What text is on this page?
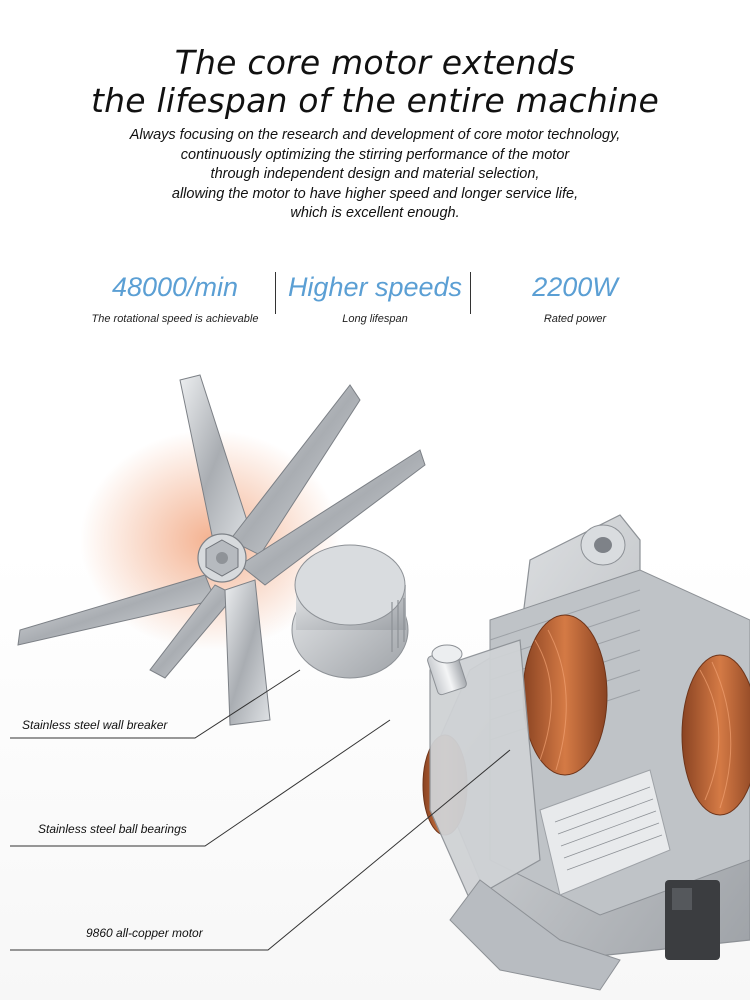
The core motor extends
the lifespan of the entire machine
Always focusing on the research and development of core motor technology,
continuously optimizing the stirring performance of the motor
through independent design and material selection,
allowing the motor to have higher speed and longer service life,
which is excellent enough.
48000/min
The rotational speed is achievable
Higher speeds
Long lifespan
2200W
Rated power
Stainless steel wall breaker
Stainless steel ball bearings
9860 all-copper motor
